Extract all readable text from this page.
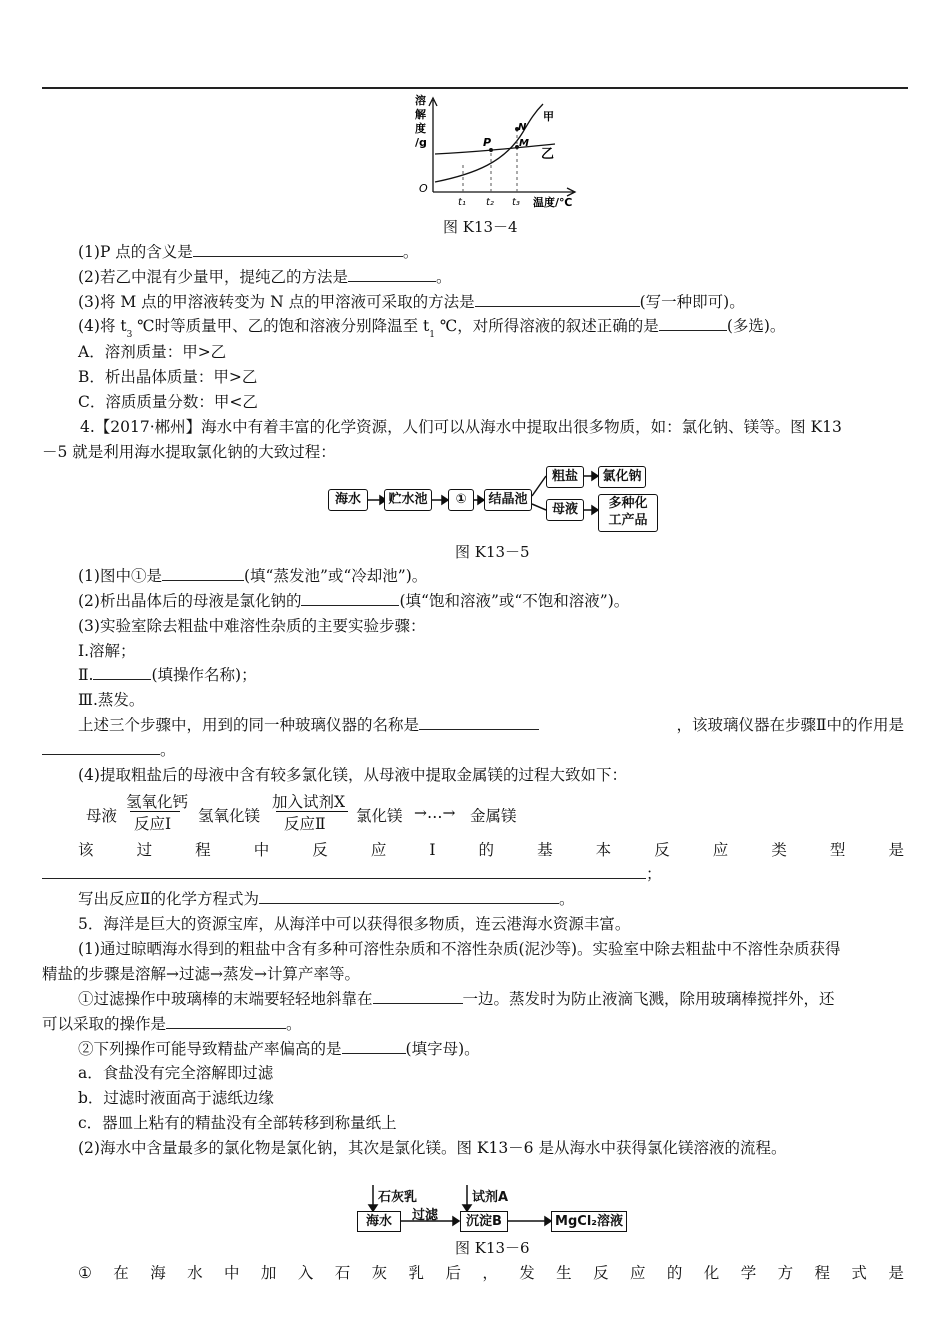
溶
解
度
/g
O
甲
乙
P
N
M
t₁ t₂ t₃ 温度/℃
图 K13－4
(1)P 点的含义是	。
(2)若乙中混有少量甲，提纯乙的方法是	。
(3)将 M 点的甲溶液转变为 N 点的甲溶液可采取的方法是	(写一种即可)。
(4)将 $t_3$ ℃时等质量甲、乙的饱和溶液分别降温至 $t_1$ ℃，对所得溶液的叙述正确的是	(多选)。
A．溶剂质量：甲>乙
B．析出晶体质量：甲>乙
C．溶质质量分数：甲<乙
4.【2017·郴州】海水中有着丰富的化学资源，人们可以从海水中提取出很多物质，如：氯化钠、镁等。图 K13
－5 就是利用海水提取氯化钠的大致过程：
海水	贮水池	①	结晶池
粗盐	氯化钠
母液	多种化
工产品
图 K13－5
(1)图中①是	(填“蒸发池”或“冷却池”)。
(2)析出晶体后的母液是氯化钠的	(填“饱和溶液”或“不饱和溶液”)。
(3)实验室除去粗盐中难溶性杂质的主要实验步骤：
Ⅰ.溶解；
Ⅱ.	(填操作名称)；
Ⅲ.蒸发。
上述三个步骤中，用到的同一种玻璃仪器的名称是	，该玻璃仪器在步骤Ⅱ中的作用是
。
(4)提取粗盐后的母液中含有较多氯化镁，从母液中提取金属镁的过程大致如下：
母液
氢氧化钙
反应Ⅰ 氢氧化镁
加入试剂X
反应Ⅱ 氯化镁 →…→ 金属镁
该	过	程	中	反	应	Ⅰ	的	基	本	反	应	类	型	是
；
写出反应Ⅱ的化学方程式为	。
5．海洋是巨大的资源宝库，从海洋中可以获得很多物质，连云港海水资源丰富。
(1)通过晾晒海水得到的粗盐中含有多种可溶性杂质和不溶性杂质(泥沙等)。实验室中除去粗盐中不溶性杂质获得
精盐的步骤是溶解→过滤→蒸发→计算产率等。
①过滤操作中玻璃棒的末端要轻轻地斜靠在	一边。蒸发时为防止液滴飞溅，除用玻璃棒搅拌外，还
可以采取的操作是	。
②下列操作可能导致精盐产率偏高的是	(填字母)。
a．食盐没有完全溶解即过滤
b．过滤时液面高于滤纸边缘
c．器皿上粘有的精盐没有全部转移到称量纸上
(2)海水中含量最多的氯化物是氯化钠，其次是氯化镁。图 K13－6 是从海水中获得氯化镁溶液的流程。
石灰乳	试剂A
过滤
海水	沉淀B	MgCl₂溶液
图 K13－6
① 在 海 水 中 加 入 石 灰 乳 后 ， 发 生 反 应 的 化 学 方 程 式 是
